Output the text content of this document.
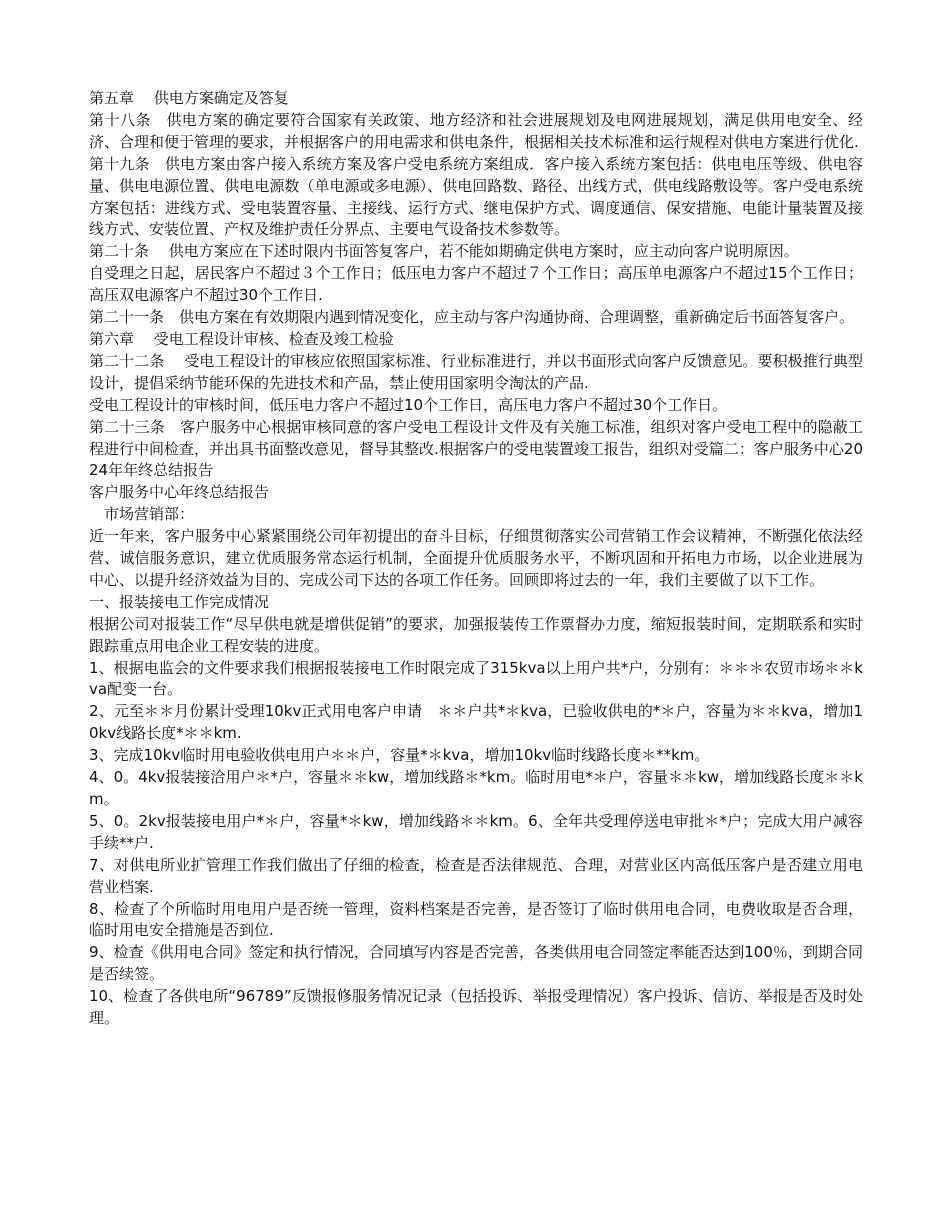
第五章　 供电方案确定及答复

第十八条　供电方案的确定要符合国家有关政策、地方经济和社会进展规划及电网进展规划，满足供用电安全、经济、合理和便于管理的要求，并根据客户的用电需求和供电条件，根据相关技术标准和运行规程对供电方案进行优化.

第十九条　供电方案由客户接入系统方案及客户受电系统方案组成．客户接入系统方案包括：供电电压等级、供电容量、供电电源位置、供电电源数（单电源或多电源）、供电回路数、路径、出线方式，供电线路敷设等。客户受电系统方案包括：进线方式、受电装置容量、主接线、运行方式、继电保护方式、调度通信、保安措施、电能计量装置及接线方式、安装位置、产权及维护责任分界点、主要电气设备技术参数等。

第二十条　 供电方案应在下述时限内书面答复客户，若不能如期确定供电方案时，应主动向客户说明原因。

自受理之日起，居民客户不超过３个工作日；低压电力客户不超过７个工作日；高压单电源客户不超过15个工作日；高压双电源客户不超过30个工作日.

第二十一条　供电方案在有效期限内遇到情况变化，应主动与客户沟通协商、合理调整，重新确定后书面答复客户。

第六章　 受电工程设计审核、检查及竣工检验

第二十二条　 受电工程设计的审核应依照国家标准、行业标准进行，并以书面形式向客户反馈意见。要积极推行典型设计，提倡采纳节能环保的先进技术和产品，禁止使用国家明令淘汰的产品.

受电工程设计的审核时间，低压电力客户不超过10个工作日，高压电力客户不超过30个工作日。

第二十三条　客户服务中心根据审核同意的客户受电工程设计文件及有关施工标准，组织对客户受电工程中的隐蔽工程进行中间检查，并出具书面整改意见，督导其整改.根据客户的受电装置竣工报告，组织对受篇二：客户服务中心2024年年终总结报告

客户服务中心年终总结报告

　市场营销部：

近一年来，客户服务中心紧紧围绕公司年初提出的奋斗目标，仔细贯彻落实公司营销工作会议精神，不断强化依法经营、诚信服务意识，建立优质服务常态运行机制，全面提升优质服务水平，不断巩固和开拓电力市场，以企业进展为中心、以提升经济效益为目的、完成公司下达的各项工作任务。回顾即将过去的一年，我们主要做了以下工作。

一、报装接电工作完成情况

根据公司对报装工作“尽早供电就是增供促销”的要求，加强报装传工作票督办力度，缩短报装时间，定期联系和实时跟踪重点用电企业工程安装的进度。

1、根据电监会的文件要求我们根据报装接电工作时限完成了315kva以上用户共*户，分别有：＊＊＊农贸市场＊＊kva配变一台。

2、元至＊＊月份累计受理10kv正式用电客户申请　＊＊户共*＊kva，已验收供电的*＊户，容量为＊＊kva，增加10kv线路长度*＊＊km.

3、完成10kv临时用电验收供电用户＊＊户，容量*＊kva，增加10kv临时线路长度＊**km。

4、0。4kv报装接洽用户＊*户，容量＊＊kw，增加线路＊*km。临时用电*＊户，容量＊＊kw，增加线路长度＊＊km。

5、0。2kv报装接电用户*＊户，容量*＊kw，增加线路＊＊km。6、全年共受理停送电审批＊*户；完成大用户减容手续**户.

7、对供电所业扩管理工作我们做出了仔细的检查，检查是否法律规范、合理，对营业区内高低压客户是否建立用电营业档案.

8、检查了个所临时用电用户是否统一管理，资料档案是否完善，是否签订了临时供用电合同，电费收取是否合理，临时用电安全措施是否到位.

9、检查《供用电合同》签定和执行情况，合同填写内容是否完善，各类供用电合同签定率能否达到100％，到期合同是否续签。

10、检查了各供电所“96789”反馈报修服务情况记录（包括投诉、举报受理情况）客户投诉、信访、举报是否及时处理。
